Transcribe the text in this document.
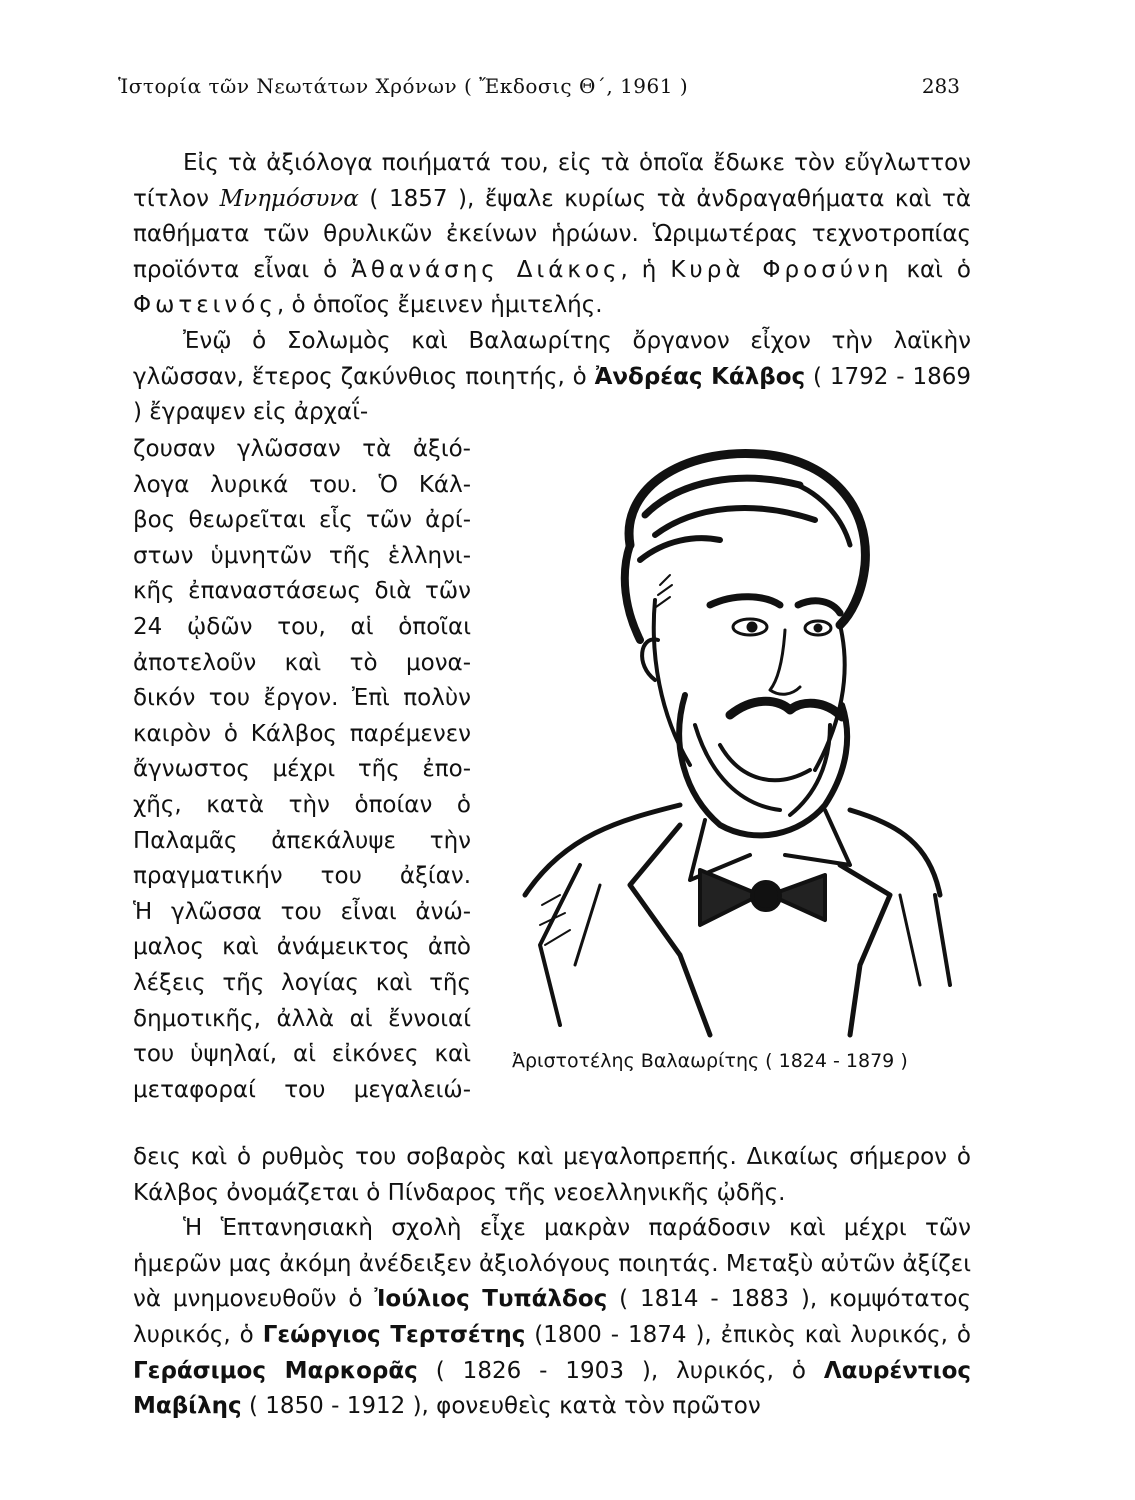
Ἱστορία τῶν Νεωτάτων Χρόνων ( Ἔκδοσις Θ΄, 1961 )	283

Εἰς τὰ ἀξιόλογα ποιήματά του, εἰς τὰ ὁποῖα ἔδωκε τὸν εὔγλωττον τίτλον Μνημόσυνα ( 1857 ), ἔψαλε κυρίως τὰ ἀνδραγαθήματα καὶ τὰ παθήματα τῶν θρυλικῶν ἐκείνων ἡρώων. Ὡριμωτέρας τεχνοτροπίας προϊόντα εἶναι ὁ Ἀθανάσης Διάκος, ἡ Κυρὰ Φροσύνη καὶ ὁ Φωτεινός, ὁ ὁποῖος ἔμεινεν ἡμιτελής.

Ἐνῷ ὁ Σολωμὸς καὶ Βαλαωρίτης ὄργανον εἶχον τὴν λαϊκὴν γλῶσσαν, ἕτερος ζακύνθιος ποιητής, ὁ Ἀνδρέας Κάλβος ( 1792 - 1869 ) ἔγραψεν εἰς ἀρχαΐ-

ζουσαν γλῶσσαν τὰ ἀξιό-
λογα λυρικά του. Ὁ Κάλ-
βος θεωρεῖται εἷς τῶν ἀρί-
στων ὑμνητῶν τῆς ἑλληνι-
κῆς ἐπαναστάσεως διὰ τῶν
24 ᾠδῶν του, αἱ ὁποῖαι
ἀποτελοῦν καὶ τὸ μονα-
δικόν του ἔργον. Ἐπὶ πολὺν
καιρὸν ὁ Κάλβος παρέμενεν
ἄγνωστος μέχρι τῆς ἐπο-
χῆς, κατὰ τὴν ὁποίαν ὁ
Παλαμᾶς ἀπεκάλυψε τὴν
πραγματικήν του ἀξίαν.
Ἡ γλῶσσα του εἶναι ἀνώ-
μαλος καὶ ἀνάμεικτος ἀπὸ
λέξεις τῆς λογίας καὶ τῆς
δημοτικῆς, ἀλλὰ αἱ ἔννοιαί
του ὑψηλαί, αἱ εἰκόνες καὶ
μεταφοραί του μεγαλειώ-
Ἀριστοτέλης Βαλαωρίτης ( 1824 - 1879 )

δεις καὶ ὁ ρυθμὸς του σοβαρὸς καὶ μεγαλοπρεπής. Δικαίως σήμερον ὁ Κάλβος ὀνομάζεται ὁ Πίνδαρος τῆς νεοελληνικῆς ᾠδῆς.

Ἡ Ἑπτανησιακὴ σχολὴ εἶχε μακρὰν παράδοσιν καὶ μέχρι τῶν ἡμερῶν μας ἀκόμη ἀνέδειξεν ἀξιολόγους ποιητάς. Μεταξὺ αὐτῶν ἀξίζει νὰ μνημονευθοῦν ὁ Ἰούλιος Τυπάλδος ( 1814 - 1883 ), κομψότατος λυρικός, ὁ Γεώργιος Τερτσέτης (1800 - 1874 ), ἐπικὸς καὶ λυρικός, ὁ Γεράσιμος Μαρκορᾶς ( 1826 - 1903 ), λυρικός, ὁ Λαυρέντιος Μαβίλης ( 1850 - 1912 ), φονευθεὶς κατὰ τὸν πρῶτον
